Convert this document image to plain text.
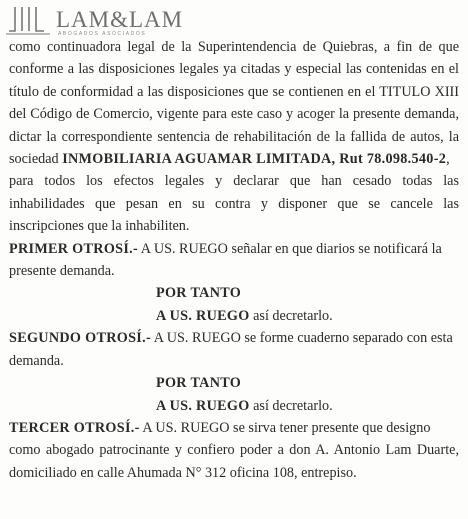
LAM&LAM
ABOGADOS ASOCIADOS
como continuadora legal de la Superintendencia de Quiebras, a fin de que
conforme a las disposiciones legales ya citadas y especial las contenidas en el
título de conformidad a las disposiciones que se contienen en el TITULO XIII
del Código de Comercio, vigente para este caso y acoger la presente demanda,
dictar la correspondiente sentencia de rehabilitación de la fallida de autos, la
sociedad INMOBILIARIA AGUAMAR LIMITADA, Rut 78.098.540-2,
para todos los efectos legales y declarar que han cesado todas las
inhabilidades que pesan en su contra y disponer que se cancele las
inscripciones que la inhabiliten.
PRIMER OTROSÍ.- A US. RUEGO señalar en que diarios se notificará la
presente demanda.
POR TANTO
A US. RUEGO así decretarlo.
SEGUNDO OTROSÍ.- A US. RUEGO se forme cuaderno separado con esta
demanda.
POR TANTO
A US. RUEGO así decretarlo.
TERCER OTROSÍ.- A US. RUEGO se sirva tener presente que designo
como abogado patrocinante y confiero poder a don A. Antonio Lam Duarte,
domiciliado en calle Ahumada N° 312 oficina 108, entrepiso.
